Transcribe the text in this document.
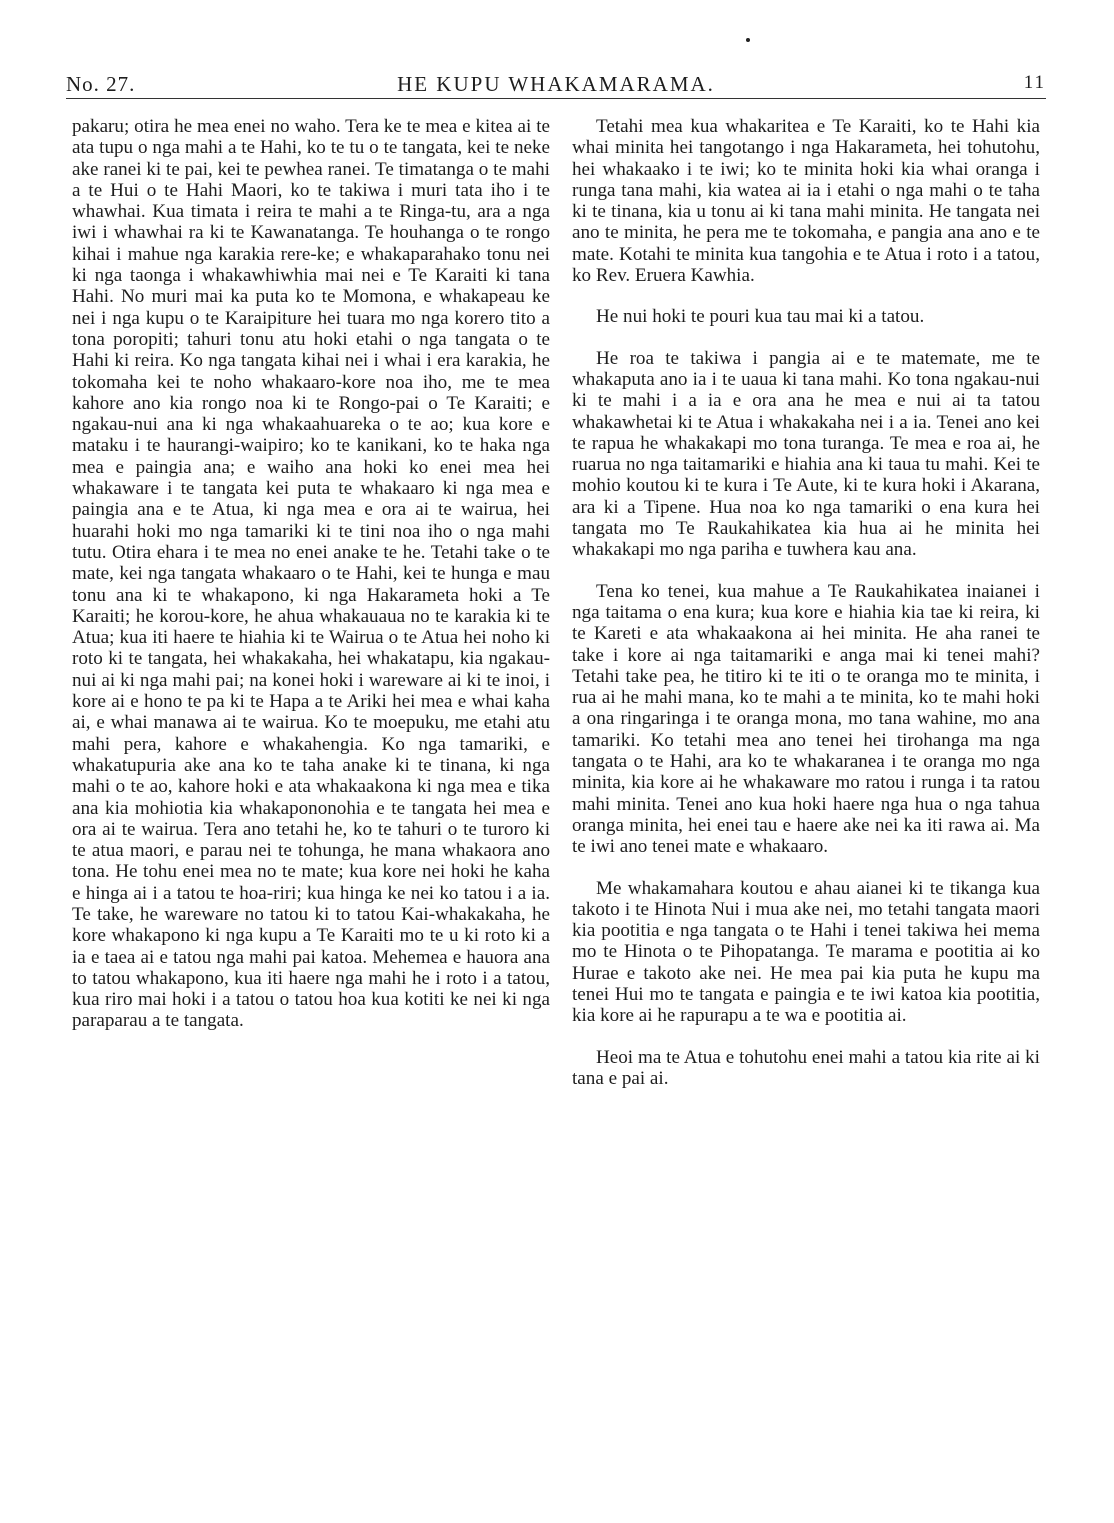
No. 27.	HE KUPU WHAKAMARAMA.	11

pakaru; otira he mea enei no waho. Tera ke te mea e kitea ai te ata tupu o nga mahi a te Hahi, ko te tu o te tangata, kei te neke ake ranei ki te pai, kei te pewhea ranei. Te timatanga o te mahi a te Hui o te Hahi Maori, ko te takiwa i muri tata iho i te whawhai. Kua timata i reira te mahi a te Ringa-tu, ara a nga iwi i whawhai ra ki te Kawanatanga. Te houhanga o te rongo kihai i mahue nga karakia rere-ke; e whakaparahako tonu nei ki nga taonga i whakawhiwhia mai nei e Te Karaiti ki tana Hahi. No muri mai ka puta ko te Momona, e whakapeau ke nei i nga kupu o te Karaipiture hei tuara mo nga korero tito a tona poropiti; tahuri tonu atu hoki etahi o nga tangata o te Hahi ki reira. Ko nga tangata kihai nei i whai i era karakia, he tokomaha kei te noho whakaaro-kore noa iho, me te mea kahore ano kia rongo noa ki te Rongo-pai o Te Karaiti; e ngakau-nui ana ki nga whakaahuareka o te ao; kua kore e mataku i te haurangi-waipiro; ko te kanikani, ko te haka nga mea e paingia ana; e waiho ana hoki ko enei mea hei whakaware i te tangata kei puta te whakaaro ki nga mea e paingia ana e te Atua, ki nga mea e ora ai te wairua, hei huarahi hoki mo nga tamariki ki te tini noa iho o nga mahi tutu. Otira ehara i te mea no enei anake te he. Tetahi take o te mate, kei nga tangata whakaaro o te Hahi, kei te hunga e mau tonu ana ki te whakapono, ki nga Hakarameta hoki a Te Karaiti; he korou-kore, he ahua whakauaua no te karakia ki te Atua; kua iti haere te hiahia ki te Wairua o te Atua hei noho ki roto ki te tangata, hei whakakaha, hei whakatapu, kia ngakau-nui ai ki nga mahi pai; na konei hoki i wareware ai ki te inoi, i kore ai e hono te pa ki te Hapa a te Ariki hei mea e whai kaha ai, e whai manawa ai te wairua. Ko te moepuku, me etahi atu mahi pera, kahore e whakahengia. Ko nga tamariki, e whakatupuria ake ana ko te taha anake ki te tinana, ki nga mahi o te ao, kahore hoki e ata whakaakona ki nga mea e tika ana kia mohiotia kia whakapononohia e te tangata hei mea e ora ai te wairua. Tera ano tetahi he, ko te tahuri o te turoro ki te atua maori, e parau nei te tohunga, he mana whakaora ano tona. He tohu enei mea no te mate; kua kore nei hoki he kaha e hinga ai i a tatou te hoa-riri; kua hinga ke nei ko tatou i a ia. Te take, he wareware no tatou ki to tatou Kai-whakakaha, he kore whakapono ki nga kupu a Te Karaiti mo te u ki roto ki a ia e taea ai e tatou nga mahi pai katoa. Mehemea e hauora ana to tatou whakapono, kua iti haere nga mahi he i roto i a tatou, kua riro mai hoki i a tatou o tatou hoa kua kotiti ke nei ki nga paraparau a te tangata.

Tetahi mea kua whakaritea e Te Karaiti, ko te Hahi kia whai minita hei tangotango i nga Hakarameta, hei tohutohu, hei whakaako i te iwi; ko te minita hoki kia whai oranga i runga tana mahi, kia watea ai ia i etahi o nga mahi o te taha ki te tinana, kia u tonu ai ki tana mahi minita. He tangata nei ano te minita, he pera me te tokomaha, e pangia ana ano e te mate. Kotahi te minita kua tangohia e te Atua i roto i a tatou, ko Rev. Eruera Kawhia.

He nui hoki te pouri kua tau mai ki a tatou.

He roa te takiwa i pangia ai e te matemate, me te whakaputa ano ia i te uaua ki tana mahi. Ko tona ngakau-nui ki te mahi i a ia e ora ana he mea e nui ai ta tatou whakawhetai ki te Atua i whakakaha nei i a ia. Tenei ano kei te rapua he whakakapi mo tona turanga. Te mea e roa ai, he ruarua no nga taitamariki e hiahia ana ki taua tu mahi. Kei te mohio koutou ki te kura i Te Aute, ki te kura hoki i Akarana, ara ki a Tipene. Hua noa ko nga tamariki o ena kura hei tangata mo Te Raukahikatea kia hua ai he minita hei whakakapi mo nga pariha e tuwhera kau ana.

Tena ko tenei, kua mahue a Te Raukahikatea inaianei i nga taitama o ena kura; kua kore e hiahia kia tae ki reira, ki te Kareti e ata whakaakona ai hei minita. He aha ranei te take i kore ai nga taitamariki e anga mai ki tenei mahi? Tetahi take pea, he titiro ki te iti o te oranga mo te minita, i rua ai he mahi mana, ko te mahi a te minita, ko te mahi hoki a ona ringaringa i te oranga mona, mo tana wahine, mo ana tamariki. Ko tetahi mea ano tenei hei tirohanga ma nga tangata o te Hahi, ara ko te whakaranea i te oranga mo nga minita, kia kore ai he whakaware mo ratou i runga i ta ratou mahi minita. Tenei ano kua hoki haere nga hua o nga tahua oranga minita, hei enei tau e haere ake nei ka iti rawa ai. Ma te iwi ano tenei mate e whakaaro.

Me whakamahara koutou e ahau aianei ki te tikanga kua takoto i te Hinota Nui i mua ake nei, mo tetahi tangata maori kia pootitia e nga tangata o te Hahi i tenei takiwa hei mema mo te Hinota o te Pihopatanga. Te marama e pootitia ai ko Hurae e takoto ake nei. He mea pai kia puta he kupu ma tenei Hui mo te tangata e paingia e te iwi katoa kia pootitia, kia kore ai he rapurapu a te wa e pootitia ai.

Heoi ma te Atua e tohutohu enei mahi a tatou kia rite ai ki tana e pai ai.
